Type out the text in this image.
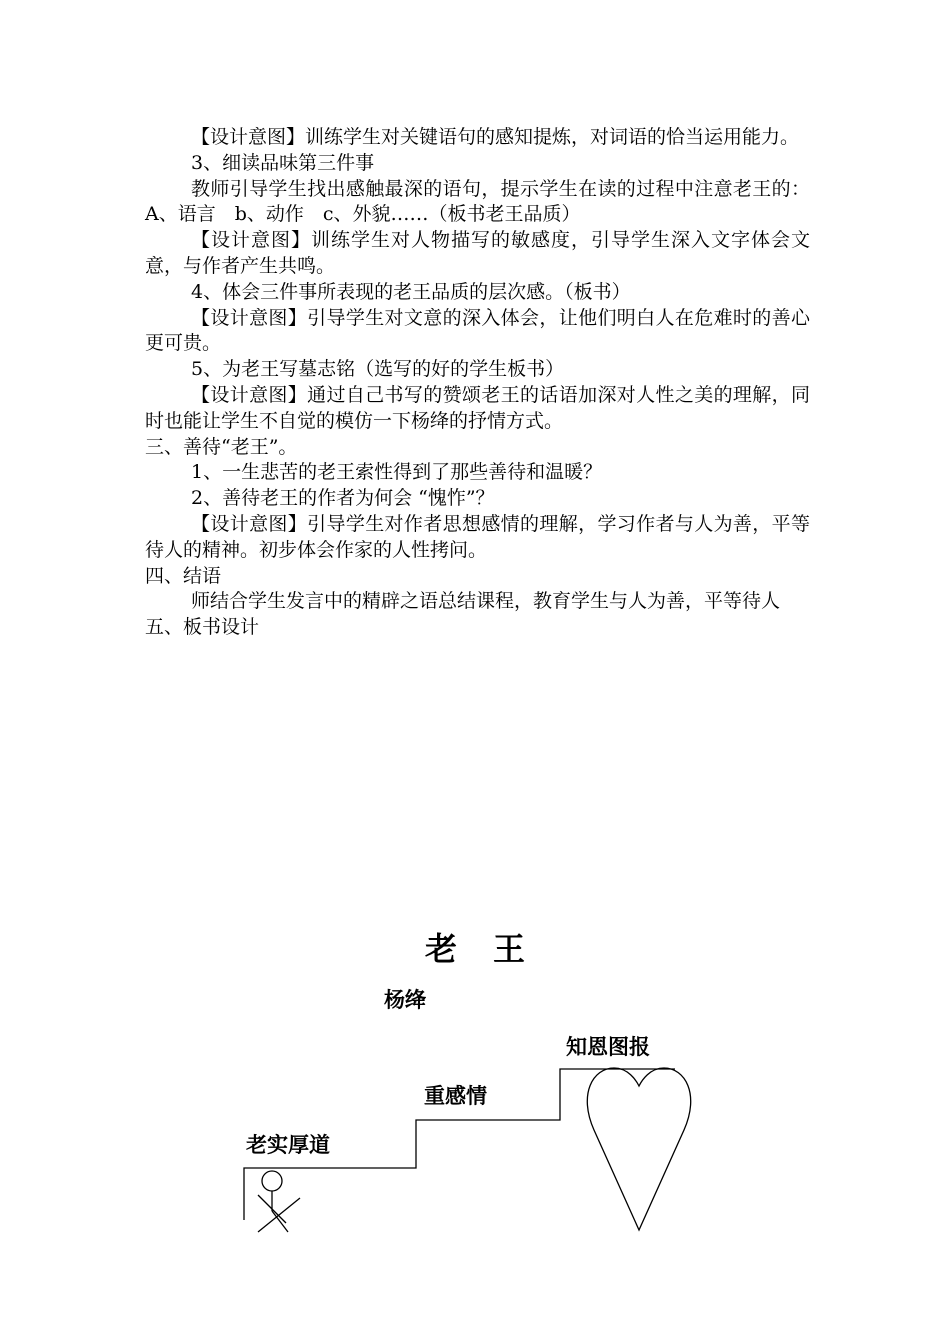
【设计意图】训练学生对关键语句的感知提炼，对词语的恰当运用能力。

3、细读品味第三件事

教师引导学生找出感触最深的语句，提示学生在读的过程中注意老王的：A、语言　b、动作　c、外貌……（板书老王品质）

【设计意图】训练学生对人物描写的敏感度，引导学生深入文字体会文意，与作者产生共鸣。

4、体会三件事所表现的老王品质的层次感。（板书）

【设计意图】引导学生对文意的深入体会，让他们明白人在危难时的善心更可贵。

5、为老王写墓志铭（选写的好的学生板书）

【设计意图】通过自己书写的赞颂老王的话语加深对人性之美的理解，同时也能让学生不自觉的模仿一下杨绛的抒情方式。

三、善待“老王”。

1、一生悲苦的老王索性得到了那些善待和温暖？

2、善待老王的作者为何会 “愧怍”？

【设计意图】引导学生对作者思想感情的理解，学习作者与人为善，平等待人的精神。初步体会作家的人性拷问。

四、结语

师结合学生发言中的精辟之语总结课程，教育学生与人为善，平等待人

五、板书设计

老王
杨绛
老实厚道
重感情
知恩图报
